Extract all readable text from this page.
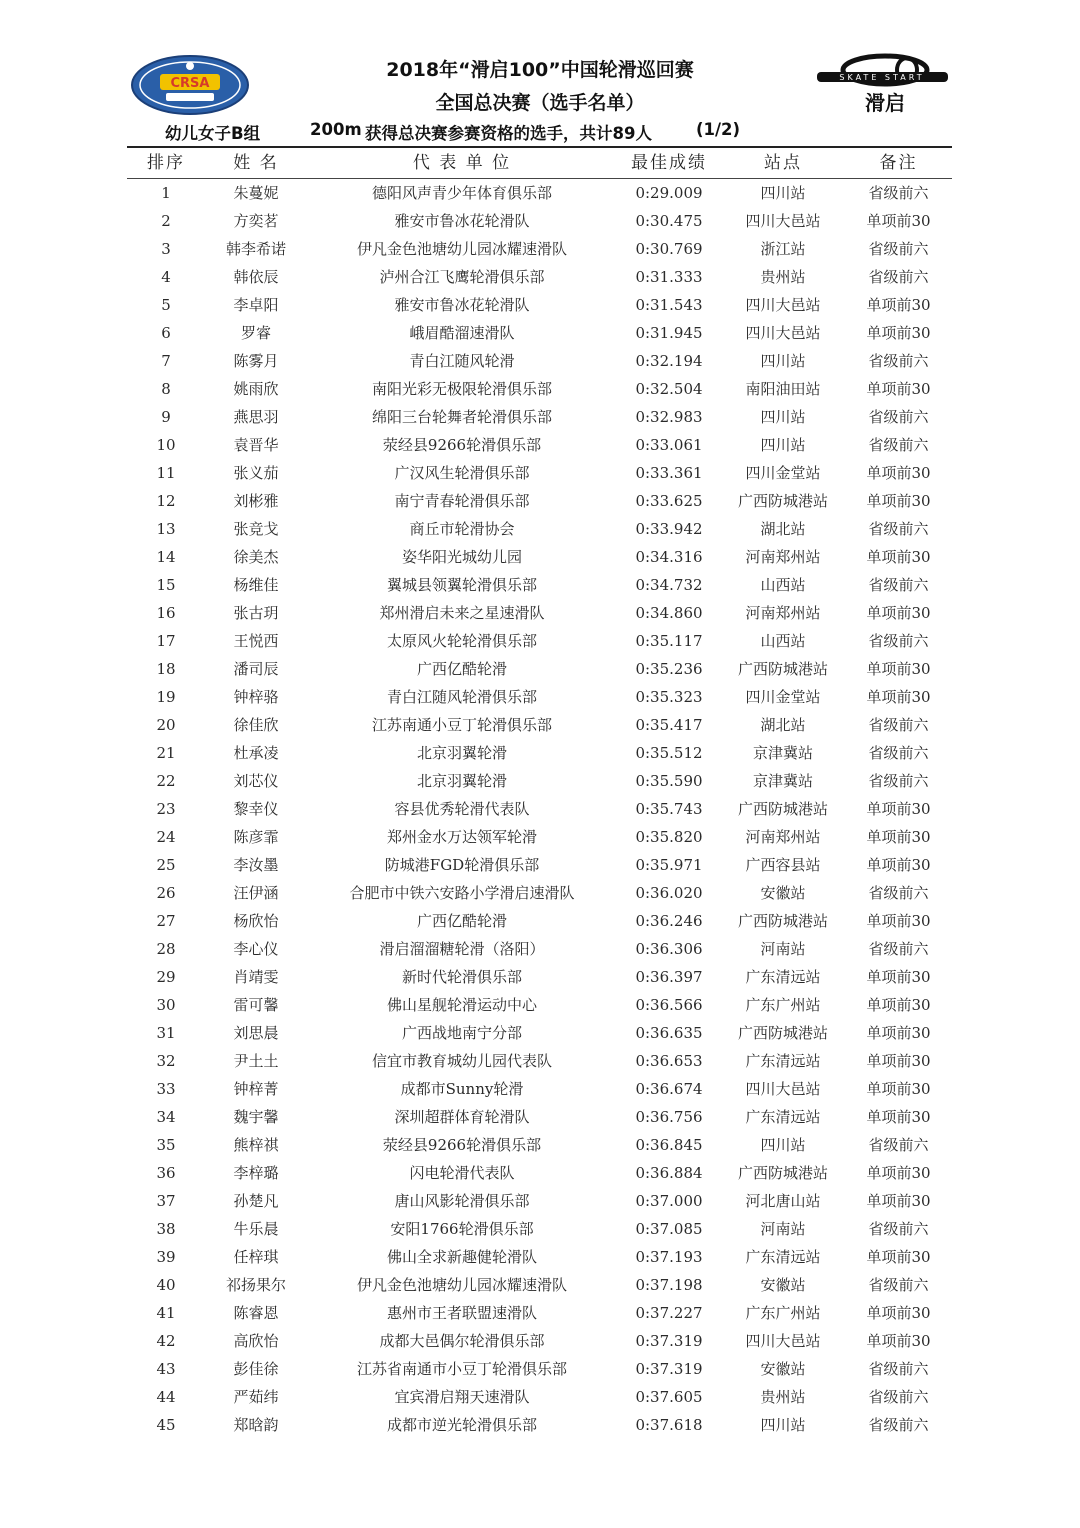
CRSA
2018年“滑启100”中国轮滑巡回赛
全国总决赛（选手名单）
SKATE START
滑启
幼儿女子B组	200m 获得总决赛参赛资格的选手，共计89人	(1/2)
排序	姓 名	代 表 单 位	最佳成绩	站点	备注
1	朱蔓妮	德阳风声青少年体育俱乐部	0:29.009	四川站	省级前六
2	方奕茗	雅安市鲁冰花轮滑队	0:30.475	四川大邑站	单项前30
3	韩李希诺	伊凡金色池塘幼儿园冰耀速滑队	0:30.769	浙江站	省级前六
4	韩依辰	泸州合江飞鹰轮滑俱乐部	0:31.333	贵州站	省级前六
5	李卓阳	雅安市鲁冰花轮滑队	0:31.543	四川大邑站	单项前30
6	罗睿	峨眉酷溜速滑队	0:31.945	四川大邑站	单项前30
7	陈雾月	青白江随风轮滑	0:32.194	四川站	省级前六
8	姚雨欣	南阳光彩无极限轮滑俱乐部	0:32.504	南阳油田站	单项前30
9	燕思羽	绵阳三台轮舞者轮滑俱乐部	0:32.983	四川站	省级前六
10	袁晋华	荥经县9266轮滑俱乐部	0:33.061	四川站	省级前六
11	张义茄	广汉风生轮滑俱乐部	0:33.361	四川金堂站	单项前30
12	刘彬雅	南宁青春轮滑俱乐部	0:33.625	广西防城港站	单项前30
13	张竞戈	商丘市轮滑协会	0:33.942	湖北站	省级前六
14	徐美杰	姿华阳光城幼儿园	0:34.316	河南郑州站	单项前30
15	杨维佳	翼城县领翼轮滑俱乐部	0:34.732	山西站	省级前六
16	张古玥	郑州滑启未来之星速滑队	0:34.860	河南郑州站	单项前30
17	王悦西	太原风火轮轮滑俱乐部	0:35.117	山西站	省级前六
18	潘司辰	广西亿酷轮滑	0:35.236	广西防城港站	单项前30
19	钟梓骆	青白江随风轮滑俱乐部	0:35.323	四川金堂站	单项前30
20	徐佳欣	江苏南通小豆丁轮滑俱乐部	0:35.417	湖北站	省级前六
21	杜承凌	北京羽翼轮滑	0:35.512	京津冀站	省级前六
22	刘芯仪	北京羽翼轮滑	0:35.590	京津冀站	省级前六
23	黎幸仪	容县优秀轮滑代表队	0:35.743	广西防城港站	单项前30
24	陈彦霏	郑州金水万达领军轮滑	0:35.820	河南郑州站	单项前30
25	李汝墨	防城港FGD轮滑俱乐部	0:35.971	广西容县站	单项前30
26	汪伊涵	合肥市中铁六安路小学滑启速滑队	0:36.020	安徽站	省级前六
27	杨欣怡	广西亿酷轮滑	0:36.246	广西防城港站	单项前30
28	李心仪	滑启溜溜糖轮滑（洛阳）	0:36.306	河南站	省级前六
29	肖靖雯	新时代轮滑俱乐部	0:36.397	广东清远站	单项前30
30	雷可馨	佛山星舰轮滑运动中心	0:36.566	广东广州站	单项前30
31	刘思晨	广西战地南宁分部	0:36.635	广西防城港站	单项前30
32	尹土土	信宜市教育城幼儿园代表队	0:36.653	广东清远站	单项前30
33	钟梓菁	成都市Sunny轮滑	0:36.674	四川大邑站	单项前30
34	魏宇馨	深圳超群体育轮滑队	0:36.756	广东清远站	单项前30
35	熊梓祺	荥经县9266轮滑俱乐部	0:36.845	四川站	省级前六
36	李梓璐	闪电轮滑代表队	0:36.884	广西防城港站	单项前30
37	孙楚凡	唐山风影轮滑俱乐部	0:37.000	河北唐山站	单项前30
38	牛乐晨	安阳1766轮滑俱乐部	0:37.085	河南站	省级前六
39	任梓琪	佛山全求新趣健轮滑队	0:37.193	广东清远站	单项前30
40	祁扬果尔	伊凡金色池塘幼儿园冰耀速滑队	0:37.198	安徽站	省级前六
41	陈睿恩	惠州市王者联盟速滑队	0:37.227	广东广州站	单项前30
42	高欣怡	成都大邑偶尔轮滑俱乐部	0:37.319	四川大邑站	单项前30
43	彭佳徐	江苏省南通市小豆丁轮滑俱乐部	0:37.319	安徽站	省级前六
44	严茹纬	宜宾滑启翔天速滑队	0:37.605	贵州站	省级前六
45	郑晗韵	成都市逆光轮滑俱乐部	0:37.618	四川站	省级前六
